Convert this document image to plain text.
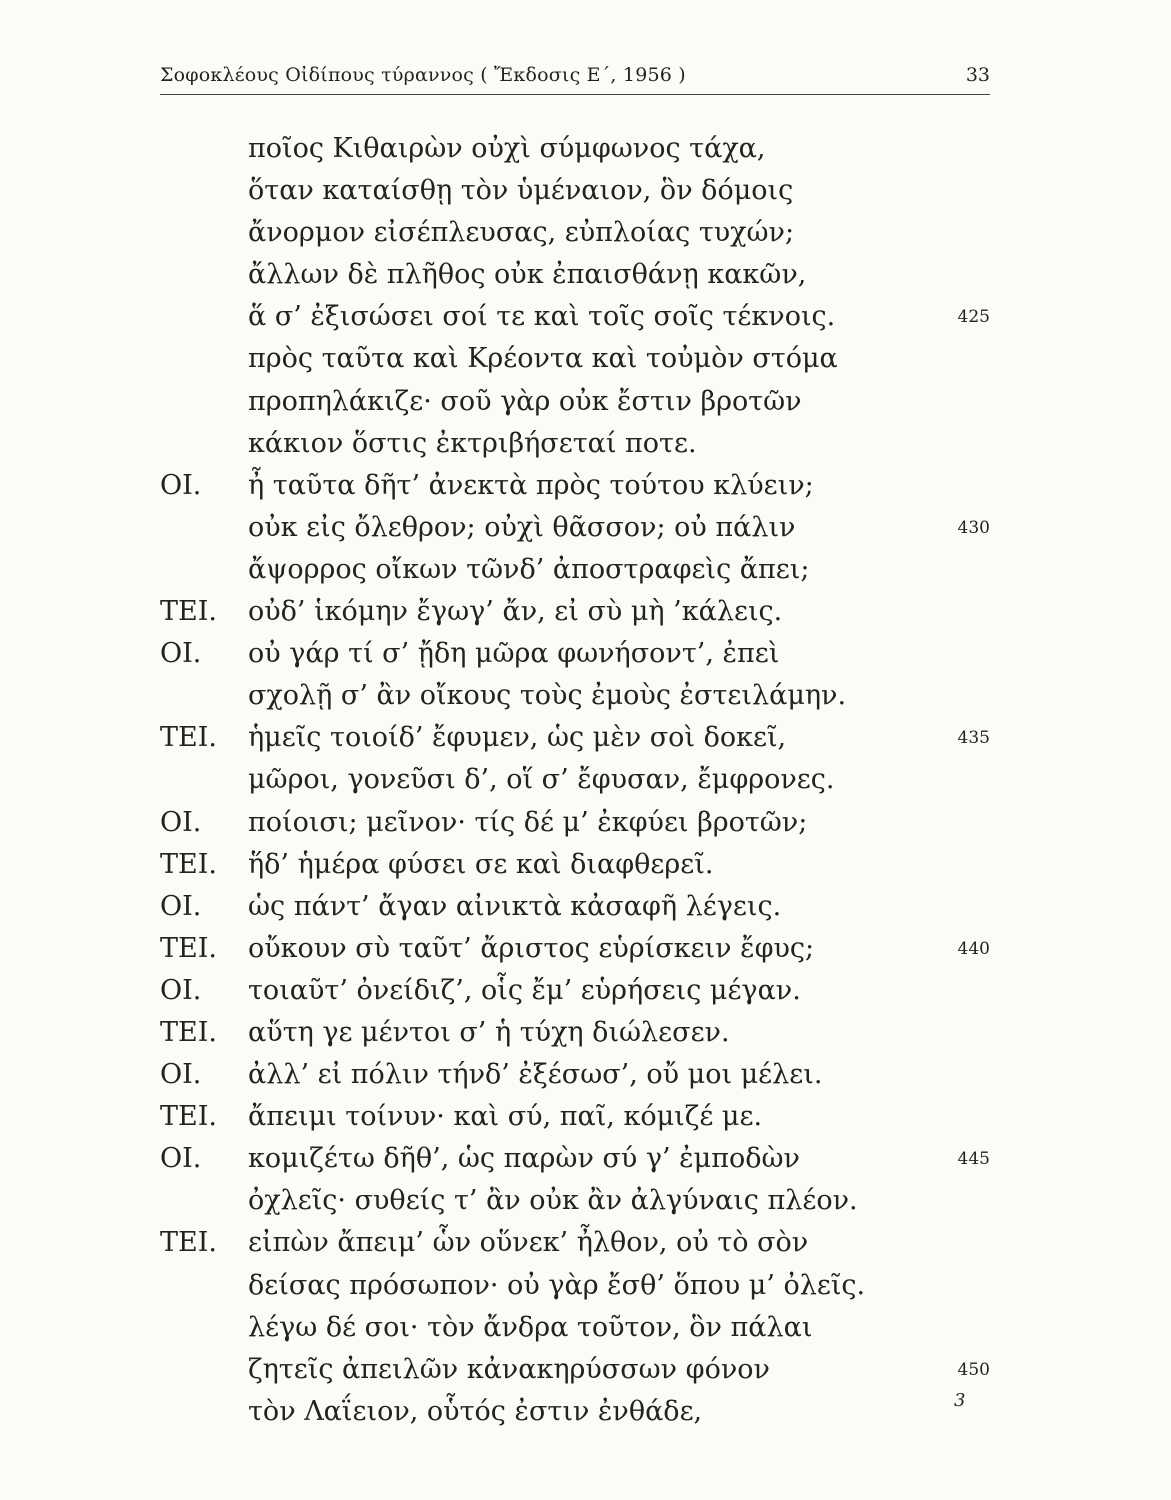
Σοφοκλέους Οἰδίπους τύραννος ( Ἔκδοσις Ε΄, 1956 )	33
ποῖος Κιθαιρὼν οὐχὶ σύμφωνος τάχα,
ὅταν καταίσθῃ τὸν ὑμέναιον, ὃν δόμοις
ἄνορμον εἰσέπλευσας, εὐπλοίας τυχών;
ἄλλων δὲ πλῆθος οὐκ ἐπαισθάνῃ κακῶν,
ἅ σ’ ἐξισώσει σοί τε καὶ τοῖς σοῖς τέκνοις.	425
πρὸς ταῦτα καὶ Κρέοντα καὶ τοὐμὸν στόμα
προπηλάκιζε· σοῦ γὰρ οὐκ ἔστιν βροτῶν
κάκιον ὅστις ἐκτριβήσεταί ποτε.
ΟΙ. ἦ ταῦτα δῆτ’ ἀνεκτὰ πρὸς τούτου κλύειν;
οὐκ εἰς ὄλεθρον; οὐχὶ θᾶσσον; οὐ πάλιν	430
ἄψορρος οἴκων τῶνδ’ ἀποστραφεὶς ἄπει;
ΤΕΙ. οὐδ’ ἱκόμην ἔγωγ’ ἄν, εἰ σὺ μὴ ’κάλεις.
ΟΙ. οὐ γάρ τί σ’ ᾔδη μῶρα φωνήσοντ’, ἐπεὶ
σχολῇ σ’ ἂν οἴκους τοὺς ἐμοὺς ἐστειλάμην.
ΤΕΙ. ἡμεῖς τοιοίδ’ ἔφυμεν, ὡς μὲν σοὶ δοκεῖ,	435
μῶροι, γονεῦσι δ’, οἵ σ’ ἔφυσαν, ἔμφρονες.
ΟΙ. ποίοισι; μεῖνον· τίς δέ μ’ ἐκφύει βροτῶν;
ΤΕΙ. ἥδ’ ἡμέρα φύσει σε καὶ διαφθερεῖ.
ΟΙ. ὡς πάντ’ ἄγαν αἰνικτὰ κἀσαφῆ λέγεις.
ΤΕΙ. οὔκουν σὺ ταῦτ’ ἄριστος εὑρίσκειν ἔφυς;	440
ΟΙ. τοιαῦτ’ ὀνείδιζ’, οἷς ἔμ’ εὑρήσεις μέγαν.
ΤΕΙ. αὕτη γε μέντοι σ’ ἡ τύχη διώλεσεν.
ΟΙ. ἀλλ’ εἰ πόλιν τήνδ’ ἐξέσωσ’, οὔ μοι μέλει.
ΤΕΙ. ἄπειμι τοίνυν· καὶ σύ, παῖ, κόμιζέ με.
ΟΙ. κομιζέτω δῆθ’, ὡς παρὼν σύ γ’ ἐμποδὼν	445
ὀχλεῖς· συθείς τ’ ἂν οὐκ ἂν ἀλγύναις πλέον.
ΤΕΙ. εἰπὼν ἄπειμ’ ὧν οὕνεκ’ ἦλθον, οὐ τὸ σὸν
δείσας πρόσωπον· οὐ γὰρ ἔσθ’ ὅπου μ’ ὀλεῖς.
λέγω δέ σοι· τὸν ἄνδρα τοῦτον, ὃν πάλαι
ζητεῖς ἀπειλῶν κἀνακηρύσσων φόνον	450
τὸν Λαΐειον, οὗτός ἐστιν ἐνθάδε,	3
